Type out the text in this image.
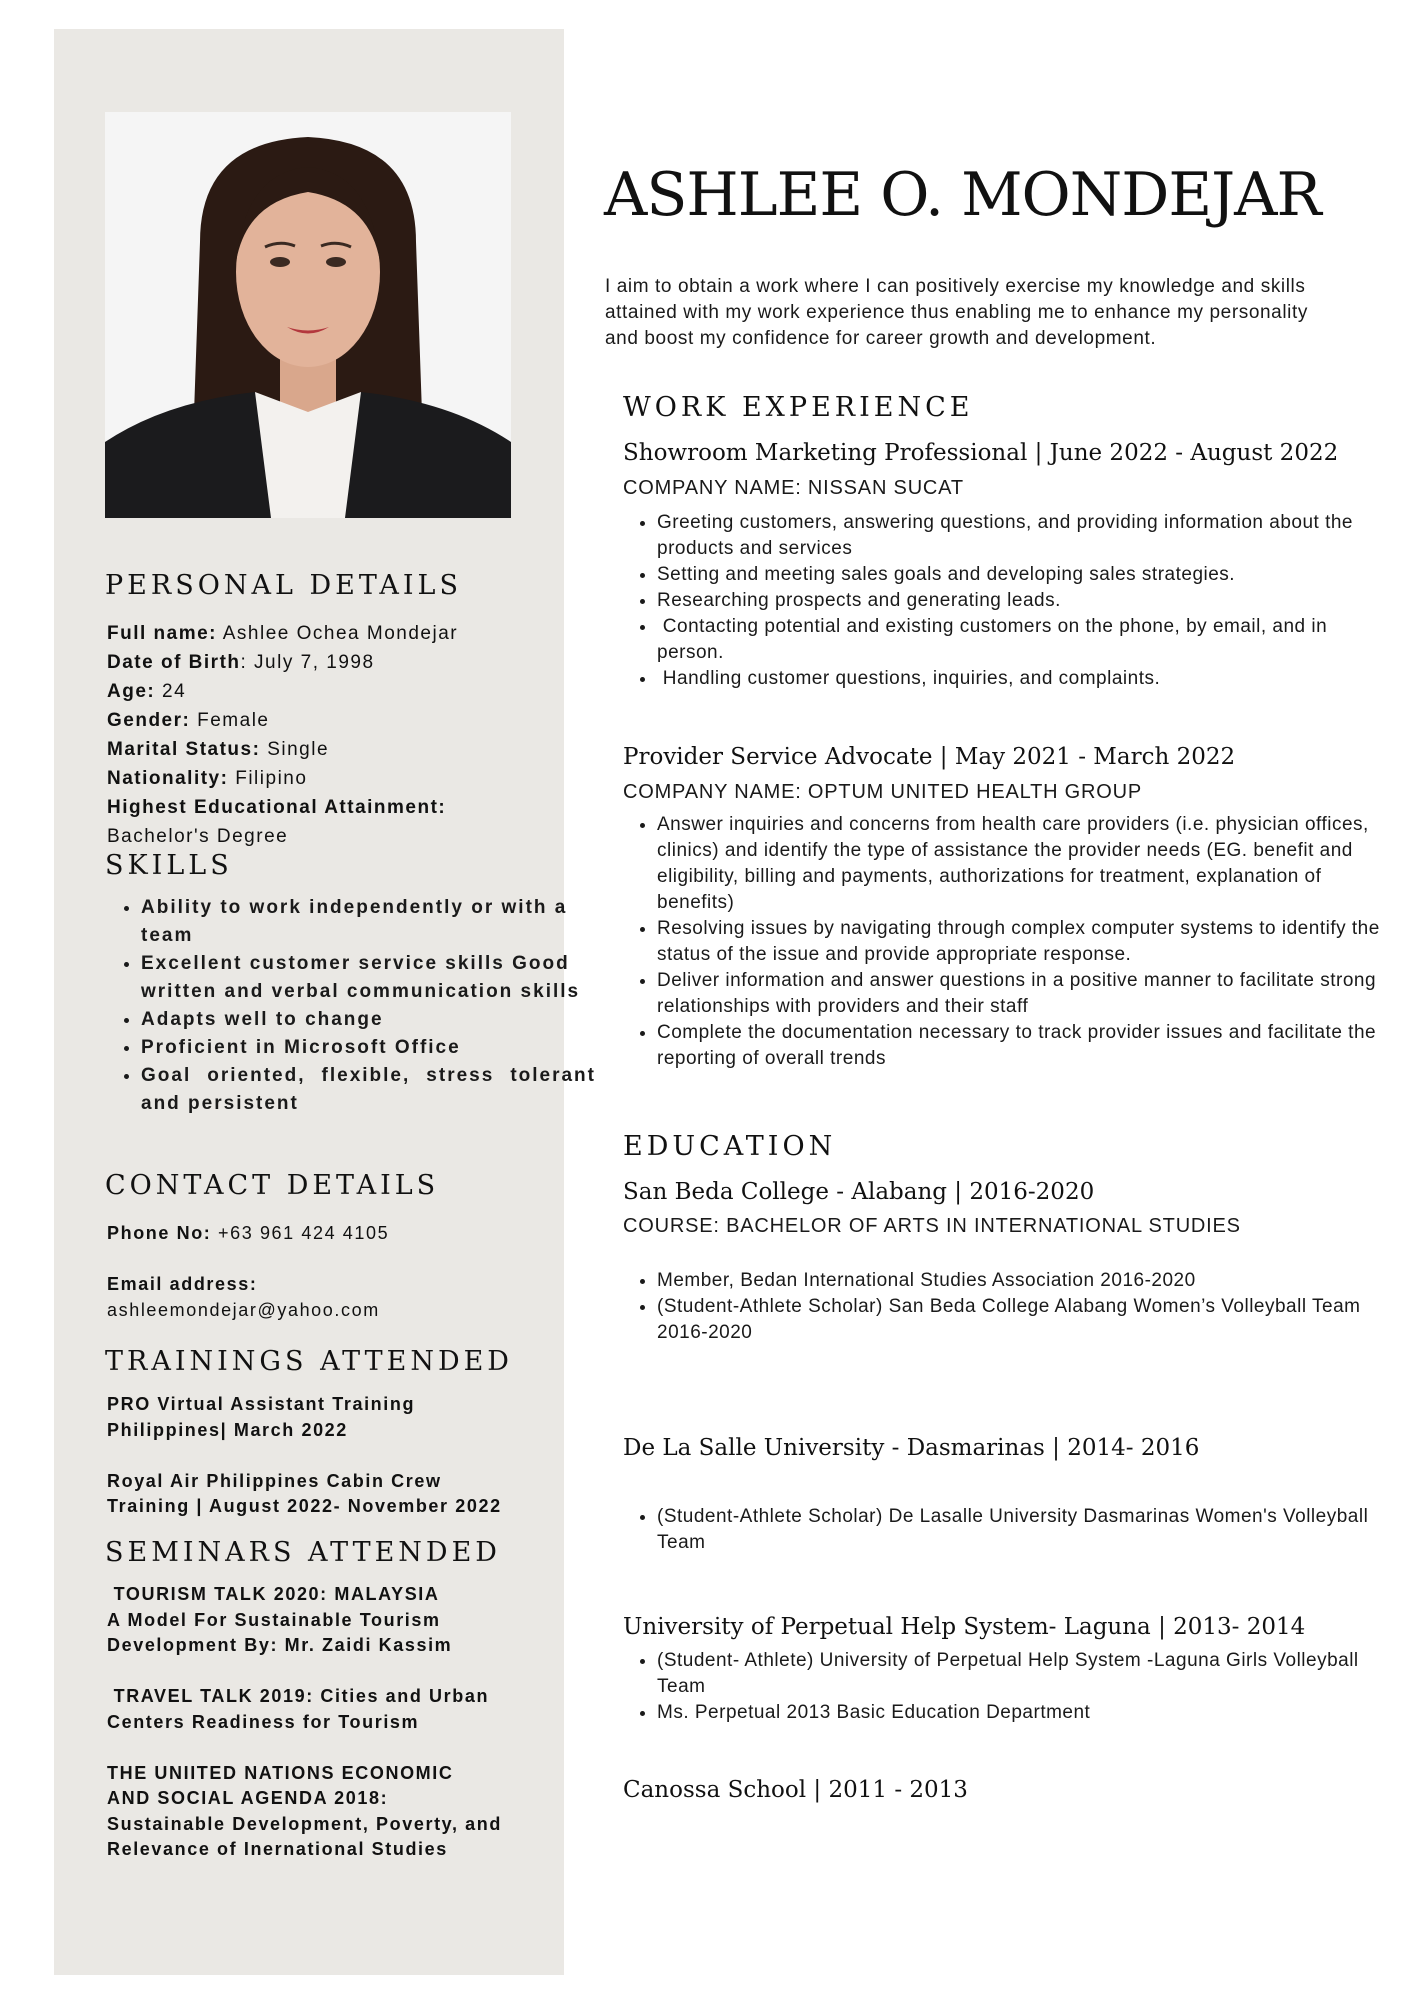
PERSONAL DETAILS

Full name: Ashlee Ochea Mondejar

Date of Birth: July 7, 1998

Age: 24

Gender: Female

Marital Status: Single

Nationality: Filipino

Highest Educational Attainment:

Bachelor's Degree

SKILLS
• Ability to work independently or with a team
• Excellent customer service skills Good written and verbal communication skills
• Adapts well to change
• Proficient in Microsoft Office
• Goal oriented, flexible, stress tolerant and persistent
CONTACT DETAILS

Phone No: +63 961 424 4105

Email address:

ashleemondejar@yahoo.com

TRAININGS ATTENDED

PRO Virtual Assistant Training

Philippines| March 2022

Royal Air Philippines Cabin Crew

Training | August 2022- November 2022

SEMINARS ATTENDED

TOURISM TALK 2020: MALAYSIA

A Model For Sustainable Tourism

Development By: Mr. Zaidi Kassim

TRAVEL TALK 2019: Cities and Urban

Centers Readiness for Tourism

THE UNIITED NATIONS ECONOMIC

AND SOCIAL AGENDA 2018:

Sustainable Development, Poverty, and

Relevance of Inernational Studies

ASHLEE O. MONDEJAR

I aim to obtain a work where I can positively exercise my knowledge and skills attained with my work experience thus enabling me to enhance my personality and boost my confidence for career growth and development.

WORK EXPERIENCE
Showroom Marketing Professional | June 2022 - August 2022

COMPANY NAME: NISSAN SUCAT

• Greeting customers, answering questions, and providing information about the products and services
• Setting and meeting sales goals and developing sales strategies.
• Researching prospects and generating leads.
•  Contacting potential and existing customers on the phone, by email, and in person.
•  Handling customer questions, inquiries, and complaints.
Provider Service Advocate | May 2021 - March 2022

COMPANY NAME: OPTUM UNITED HEALTH GROUP

• Answer inquiries and concerns from health care providers (i.e. physician offices, clinics) and identify the type of assistance the provider needs (EG. benefit and eligibility, billing and payments, authorizations for treatment, explanation of benefits)
• Resolving issues by navigating through complex computer systems to identify the status of the issue and provide appropriate response.
• Deliver information and answer questions in a positive manner to facilitate strong relationships with providers and their staff
• Complete the documentation necessary to track provider issues and facilitate the reporting of overall trends
EDUCATION
San Beda College - Alabang | 2016-2020

COURSE: BACHELOR OF ARTS IN INTERNATIONAL STUDIES

• Member, Bedan International Studies Association 2016-2020
• (Student-Athlete Scholar) San Beda College Alabang Women’s Volleyball Team 2016-2020
De La Salle University - Dasmarinas | 2014- 2016
• (Student-Athlete Scholar) De Lasalle University Dasmarinas Women's Volleyball Team
University of Perpetual Help System- Laguna | 2013- 2014
• (Student- Athlete) University of Perpetual Help System -Laguna Girls Volleyball Team
• Ms. Perpetual 2013 Basic Education Department
Canossa School | 2011 - 2013
